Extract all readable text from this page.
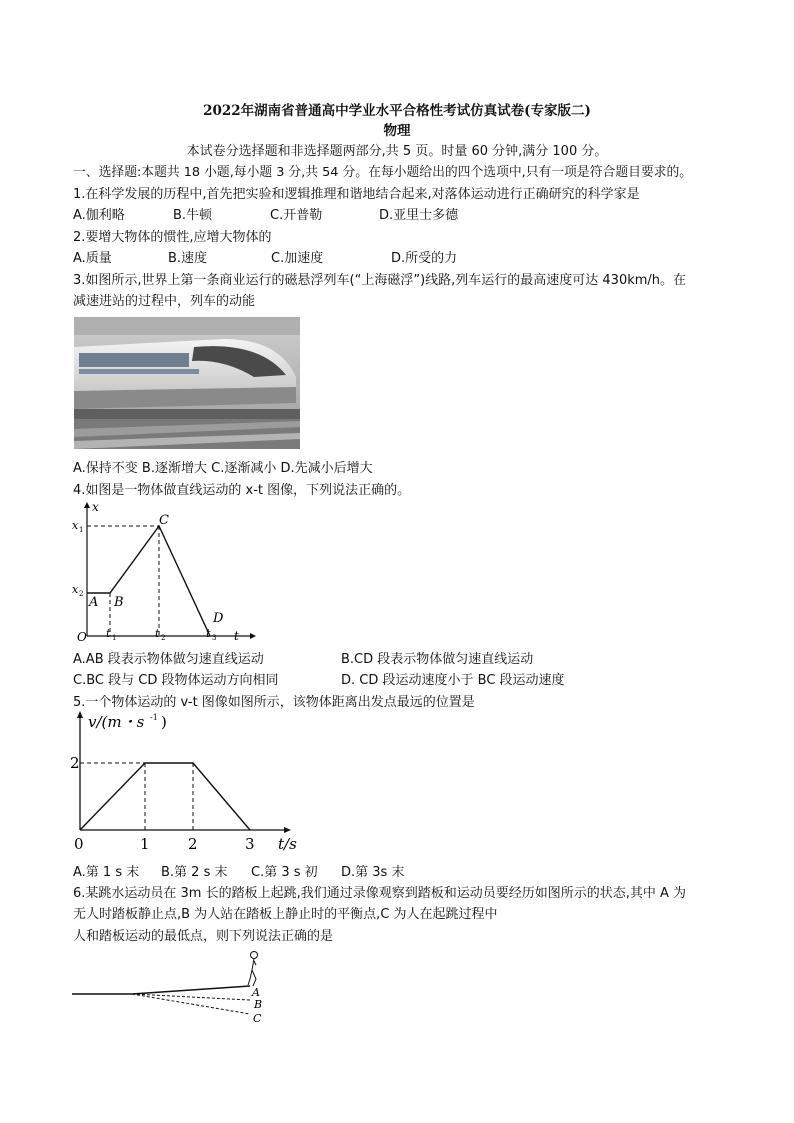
2022年湖南省普通高中学业水平合格性考试仿真试卷(专家版二)
物理
本试卷分选择题和非选择题两部分,共 5 页。时量 60 分钟,满分 100 分。
一、选择题:本题共 18 小题,每小题 3 分,共 54 分。在每小题给出的四个选项中,只有一项是符合题目要求的。
1.在科学发展的历程中,首先把实验和逻辑推理和谐地结合起来,对落体运动进行正确研究的科学家是
A.伽利略	B.牛顿	C.开普勒	D.亚里士多德
2.要增大物体的惯性,应增大物体的
A.质量	B.速度	C.加速度	D.所受的力
3.如图所示,世界上第一条商业运行的磁悬浮列车(“上海磁浮”)线路,列车运行的最高速度可达 430km/h。在
减速进站的过程中，列车的动能
A.保持不变 B.逐渐增大 C.逐渐减小 D.先减小后增大
4.如图是一物体做直线运动的 x-t 图像，下列说法正确的。
x
t
O
x 1
x 2
t 1	t 2	t 3
A B
C
D
A.AB 段表示物体做匀速直线运动	B.CD 段表示物体做匀速直线运动
C.BC 段与 CD 段物体运动方向相同	D. CD 段运动速度小于 BC 段运动速度
5.一个物体运动的 v-t 图像如图所示，该物体距离出发点最远的位置是
v/(m・s -1 )
2
0	1	2	3 t/s
A.第 1 s 末 B.第 2 s 末 C.第 3 s 初 D.第 3s 末
6.某跳水运动员在 3m 长的踏板上起跳,我们通过录像观察到踏板和运动员要经历如图所示的状态,其中 A 为
无人时踏板静止点,B 为人站在踏板上静止时的平衡点,C 为人在起跳过程中
人和踏板运动的最低点，则下列说法正确的是
A
B
C
